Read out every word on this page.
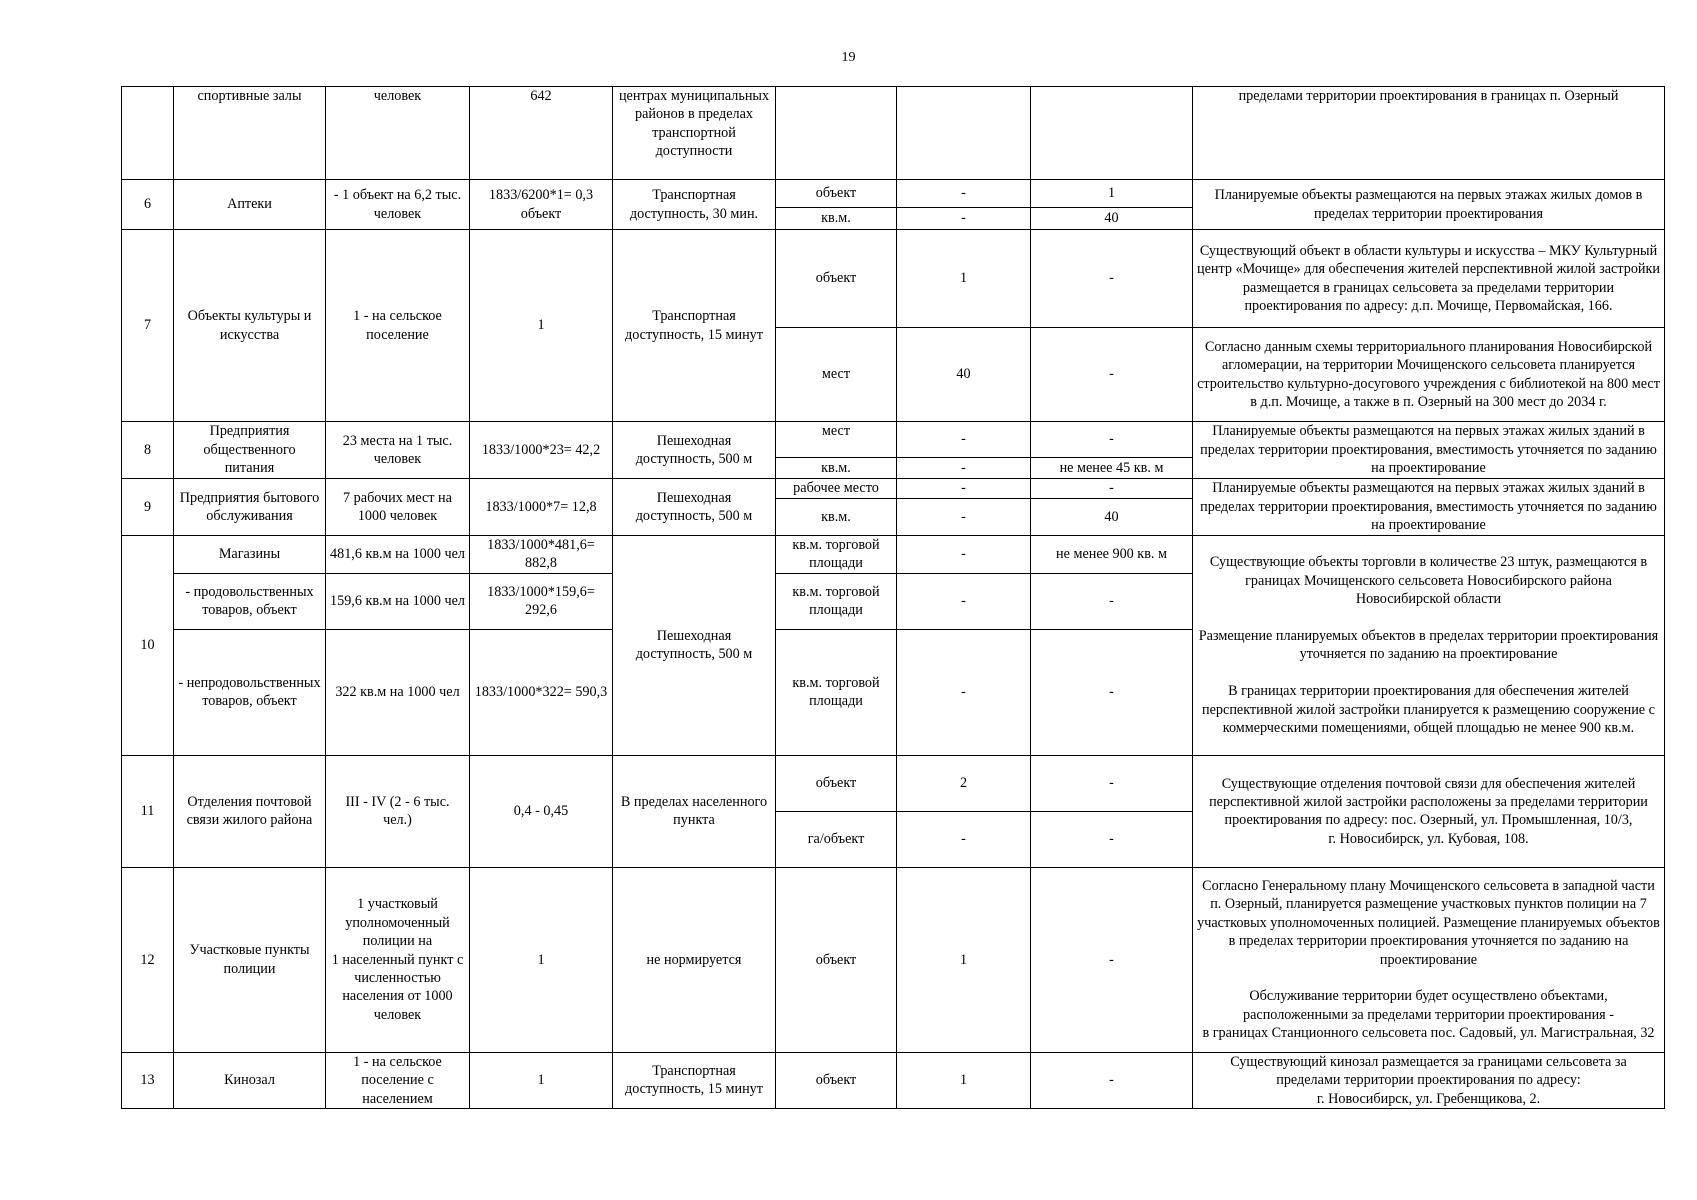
19
	спортивные залы	человек	642	центрах муниципальных районов в пределах транспортной доступности				пределами территории проектирования в границах п. Озерный
6	Аптеки	- 1 объект на 6,2 тыс. человек	1833/6200*1= 0,3 объект	Транспортная доступность, 30 мин.	объект	-	1	Планируемые объекты размещаются на первых этажах жилых домов в пределах территории проектирования
					кв.м.	-	40	
7	Объекты культуры и искусства	1 - на сельское поселение	1	Транспортная доступность, 15 минут	объект	1	-	Существующий объект в области культуры и искусства – МКУ Культурный центр «Мочище» для обеспечения жителей перспективной жилой застройки размещается в границах сельсовета за пределами территории проектирования по адресу: д.п. Мочище, Первомайская, 166.
					мест	40	-	Согласно данным схемы территориального планирования Новосибирской агломерации, на территории Мочищенского сельсовета планируется строительство культурно-досугового учреждения с библиотекой на 800 мест в д.п. Мочище, а также в п. Озерный на 300 мест до 2034 г.
8	Предприятия общественного питания	23 места на 1 тыс. человек	1833/1000*23= 42,2	Пешеходная доступность, 500 м	мест	-	-	Планируемые объекты размещаются на первых этажах жилых зданий в пределах территории проектирования, вместимость уточняется по заданию на проектирование
					кв.м.	-	не менее 45 кв. м	
9	Предприятия бытового обслуживания	7 рабочих мест на 1000 человек	1833/1000*7= 12,8	Пешеходная доступность, 500 м	рабочее место	-	-	Планируемые объекты размещаются на первых этажах жилых зданий в пределах территории проектирования, вместимость уточняется по заданию на проектирование
					кв.м.	-	40	
10	Магазины	481,6 кв.м на 1000 чел	1833/1000*481,6= 882,8	Пешеходная доступность, 500 м	кв.м. торговой площади	-	не менее 900 кв. м	Существующие объекты торговли в количестве 23 штук, размещаются в границах Мочищенского сельсовета Новосибирского района Новосибирской области

Размещение планируемых объектов в пределах территории проектирования уточняется по заданию на проектирование

В границах территории проектирования для обеспечения жителей перспективной жилой застройки планируется к размещению сооружение с коммерческими помещениями, общей площадью не менее 900 кв.м.
	- продовольственных товаров, объект	159,6 кв.м на 1000 чел	1833/1000*159,6= 292,6		кв.м. торговой площади	-	-	
	- непродовольственных товаров, объект	322 кв.м на 1000 чел	1833/1000*322= 590,3		кв.м. торговой площади	-	-	
11	Отделения почтовой связи жилого района	III - IV (2 - 6 тыс. чел.)	0,4 - 0,45	В пределах населенного пункта	объект	2	-	Существующие отделения почтовой связи для обеспечения жителей перспективной жилой застройки расположены за пределами территории проектирования по адресу: пос. Озерный, ул. Промышленная, 10/3,
г. Новосибирск, ул. Кубовая, 108.
					га/объект	-	-	
12	Участковые пункты полиции	1 участковый уполномоченный полиции на
1 населенный пункт с численностью населения от 1000 человек	1	не нормируется	объект	1	-	Согласно Генеральному плану Мочищенского сельсовета в западной части п. Озерный, планируется размещение участковых пунктов полиции на 7 участковых уполномоченных полицией. Размещение планируемых объектов в пределах территории проектирования уточняется по заданию на проектирование

Обслуживание территории будет осуществлено объектами, расположенными за пределами территории проектирования -
в границах Станционного сельсовета пос. Садовый, ул. Магистральная, 32
13	Кинозал	1 - на сельское поселение с населением	1	Транспортная доступность, 15 минут	объект	1	-	Существующий кинозал размещается за границами сельсовета за пределами территории проектирования по адресу:
г. Новосибирск, ул. Гребенщикова, 2.
